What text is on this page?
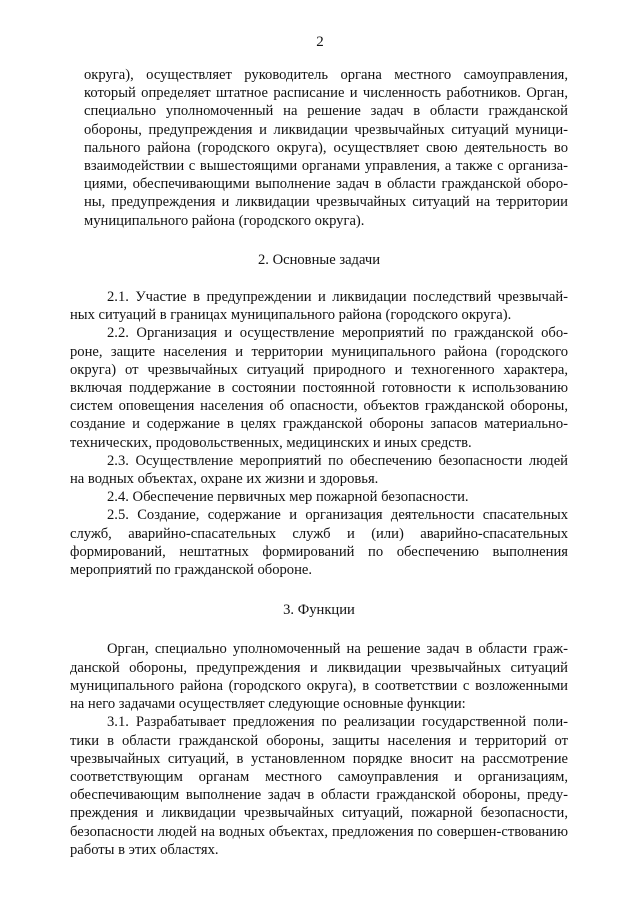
2
округа), осуществляет руководитель органа местного самоуправления,
который определяет штатное расписание и численность работников. Орган,
специально уполномоченный на решение задач в области гражданской
обороны, предупреждения и ликвидации чрезвычайных ситуаций муници-
пального района (городского округа), осуществляет свою деятельность во
взаимодействии с вышестоящими органами управления, а также с организа-
циями, обеспечивающими выполнение задач в области гражданской оборо-
ны, предупреждения и ликвидации чрезвычайных ситуаций на территории
муниципального района (городского округа).
2. Основные задачи

2.1. Участие в предупреждении и ликвидации последствий чрезвычай-ных ситуаций в границах муниципального района (городского округа).

2.2. Организация и осуществление мероприятий по гражданской обо-роне, защите населения и территории муниципального района (городского округа) от чрезвычайных ситуаций природного и техногенного характера, включая поддержание в состоянии постоянной готовности к использованию систем оповещения населения об опасности, объектов гражданской обороны, создание и содержание в целях гражданской обороны запасов материально-технических, продовольственных, медицинских и иных средств.

2.3. Осуществление мероприятий по обеспечению безопасности людей на водных объектах, охране их жизни и здоровья.

2.4. Обеспечение первичных мер пожарной безопасности.

2.5. Создание, содержание и организация деятельности спасательных служб, аварийно-спасательных служб и (или) аварийно-спасательных формирований, нештатных формирований по обеспечению выполнения мероприятий по гражданской обороне.

3. Функции

Орган, специально уполномоченный на решение задач в области граж-данской обороны, предупреждения и ликвидации чрезвычайных ситуаций муниципального района (городского округа), в соответствии с возложенными на него задачами осуществляет следующие основные функции:

3.1. Разрабатывает предложения по реализации государственной поли-тики в области гражданской обороны, защиты населения и территорий от чрезвычайных ситуаций, в установленном порядке вносит на рассмотрение соответствующим органам местного самоуправления и организациям, обеспечивающим выполнение задач в области гражданской обороны, преду-преждения и ликвидации чрезвычайных ситуаций, пожарной безопасности, безопасности людей на водных объектах, предложения по совершен-ствованию работы в этих областях.
